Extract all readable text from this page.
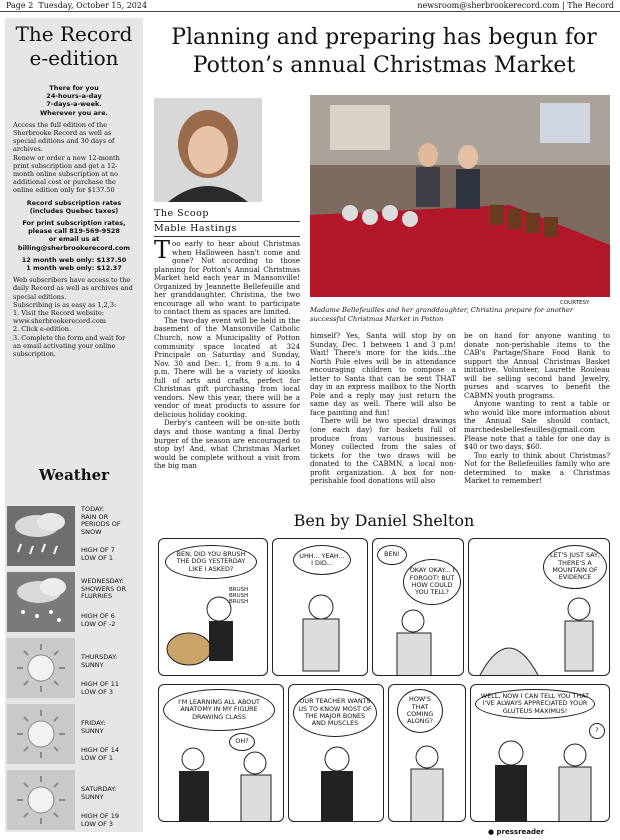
Page 2 Tuesday, October 15, 2024	newsroom@sherbrookerecord.com | The Record
The Record
e-edition
There for you
24-hours-a-day
7-days-a-week.
Wherever you are.

Access the full edition of the Sherbrooke Record as well as special editions and 30 days of archives.

Renew or order a new 12-month print subscription and get a 12-month online subscription at no additional cost or purchase the online edition only for $137.50

Record subscription rates
(includes Quebec taxes)
For print subscription rates,
please call 819-569-9528
or email us at
billing@sherbrookerecord.com
12 month web only: $137.50
1 month web only: $12.37

Web subscribers have access to the daily Record as well as archives and special editions.

Subscribing is as easy as 1,2,3:

1. Visit the Record website: www.sherbrookerecord.com

2. Click e-edition.

3. Complete the form and wait for an email activating your online subscription.

Weather
TODAY:
RAIN OR
PERIODS OF
SNOW
HIGH OF 7
LOW OF 1
WEDNESDAY:
SHOWERS OR
FLURRIES
HIGH OF 6
LOW OF -2
THURSDAY:
SUNNY
HIGH OF 11
LOW OF 3
FRIDAY:
SUNNY
HIGH OF 14
LOW OF 1
SATURDAY:
SUNNY
HIGH OF 19
LOW OF 3
Planning and preparing has begun for
Potton’s annual Christmas Market
The Scoop
Mable Hastings
COURTESY
Madame Bellefeuilles and her granddaughter, Christina prepare for another successful Christmas Market in Potton

Too early to hear about Christmas when Halloween hasn't come and gone? Not according to those planning for Potton's Annual Christmas Market held each year in Mansonville! Organized by Jeannette Bellefeuille and her granddaughter, Christina, the two encourage all who want to participate to contact them as spaces are limited.

The two-day event will be held in the basement of the Mansonville Catholic Church, now a Municipality of Potton community space located at 324 Principale on Saturday and Sunday, Nov. 30 and Dec. 1, from 9 a.m. to 4 p.m. There will be a variety of kiosks full of arts and crafts, perfect for Christmas gift purchasing from local vendors. New this year, there will be a vendor of meat products to assure for delicious holiday cooking.

Derby's canteen will be on-site both days and those wanting a final Derby burger of the season are encouraged to stop by! And, what Christmas Market would be complete without a visit from the big man

himself? Yes, Santa will stop by on Sunday, Dec. 1 between 1 and 3 p.m! Wait! There's more for the kids...the North Pole elves will be in attendance encouraging children to compose a letter to Santa that can be sent THAT day in an express mailbox to the North Pole and a reply may just return the same day as well. There will also be face painting and fun!

There will be two special drawings (one each day) for baskets full of produce from various businesses. Money collected from the sales of tickets for the two draws will be donated to the CABMN, a local non-profit organization. A box for non-perishable food donations will also

be on hand for anyone wanting to donate non-perishable items to the CAB's Partage/Share Food Bank to support the Annual Christmas Basket initiative. Volunteer, Laurette Rouleau will be selling second hand Jewelry, purses and scarves to benefit the CABMN youth programs.

Anyone wanting to rent a table or who would like more information about the Annual Sale should contact, marchedesbellesfeuilles@gmail.com Please note that a table for one day is $40 or two days, $60.

Too early to think about Christmas? Not for the Bellefeuilles family who are determined to make a Christmas Market to remember!

Ben by Daniel Shelton
BEN, DID YOU BRUSH THE DOG YESTERDAY LIKE I ASKED?
BRUSH BRUSH BRUSH
UHH... YEAH... I DID...
BEN!
OKAY OKAY... I FORGOT! BUT HOW COULD YOU TELL?
LET'S JUST SAY, THERE'S A MOUNTAIN OF EVIDENCE
I'M LEARNING ALL ABOUT ANATOMY IN MY FIGURE DRAWING CLASS
OH?
OUR TEACHER WANTS US TO KNOW MOST OF THE MAJOR BONES AND MUSCLES
HOW'S THAT COMING ALONG?
WELL, NOW I CAN TELL YOU THAT I'VE ALWAYS APPRECIATED YOUR GLUTEUS MAXIMUS!
?
● pressreader
